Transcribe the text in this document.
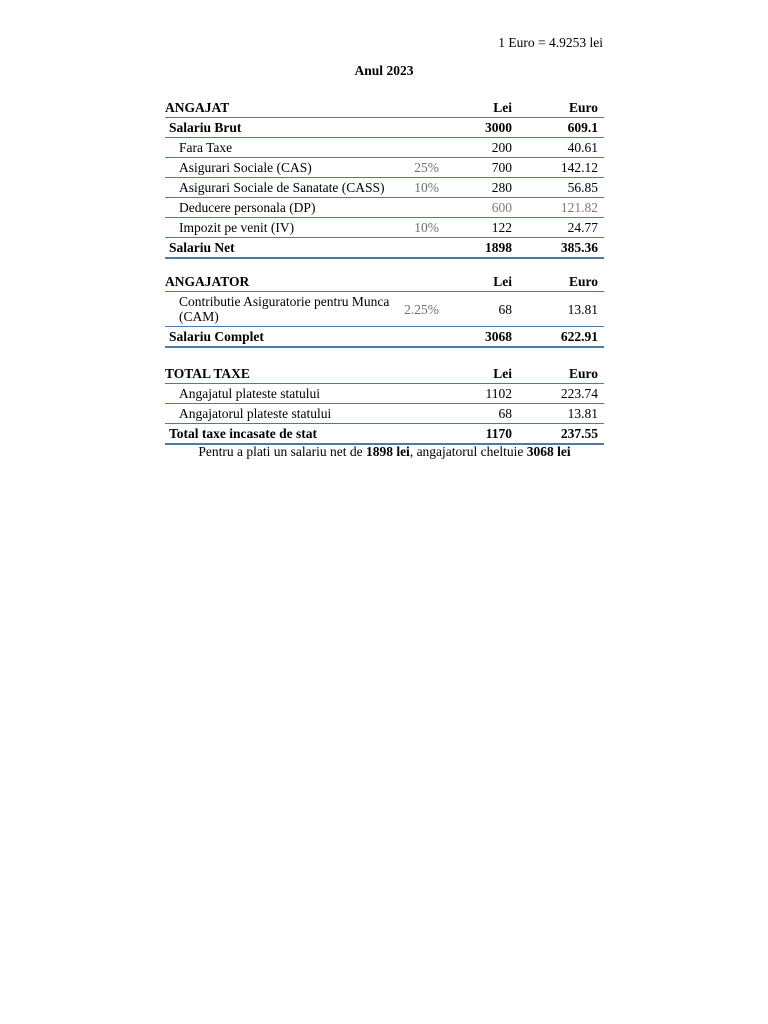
1 Euro = 4.9253 lei
Anul 2023
ANGAJAT		Lei	Euro
Salariu Brut		3000	609.1
Fara Taxe		200	40.61
Asigurari Sociale (CAS)	25%	700	142.12
Asigurari Sociale de Sanatate (CASS)	10%	280	56.85
Deducere personala (DP)		600	121.82
Impozit pe venit (IV)	10%	122	24.77
Salariu Net		1898	385.36
ANGAJATOR		Lei	Euro
Contributie Asiguratorie pentru Munca (CAM)	2.25%	68	13.81
Salariu Complet		3068	622.91
TOTAL TAXE		Lei	Euro
Angajatul plateste statului		1102	223.74
Angajatorul plateste statului		68	13.81
Total taxe incasate de stat		1170	237.55
Pentru a plati un salariu net de 1898 lei, angajatorul cheltuie 3068 lei
